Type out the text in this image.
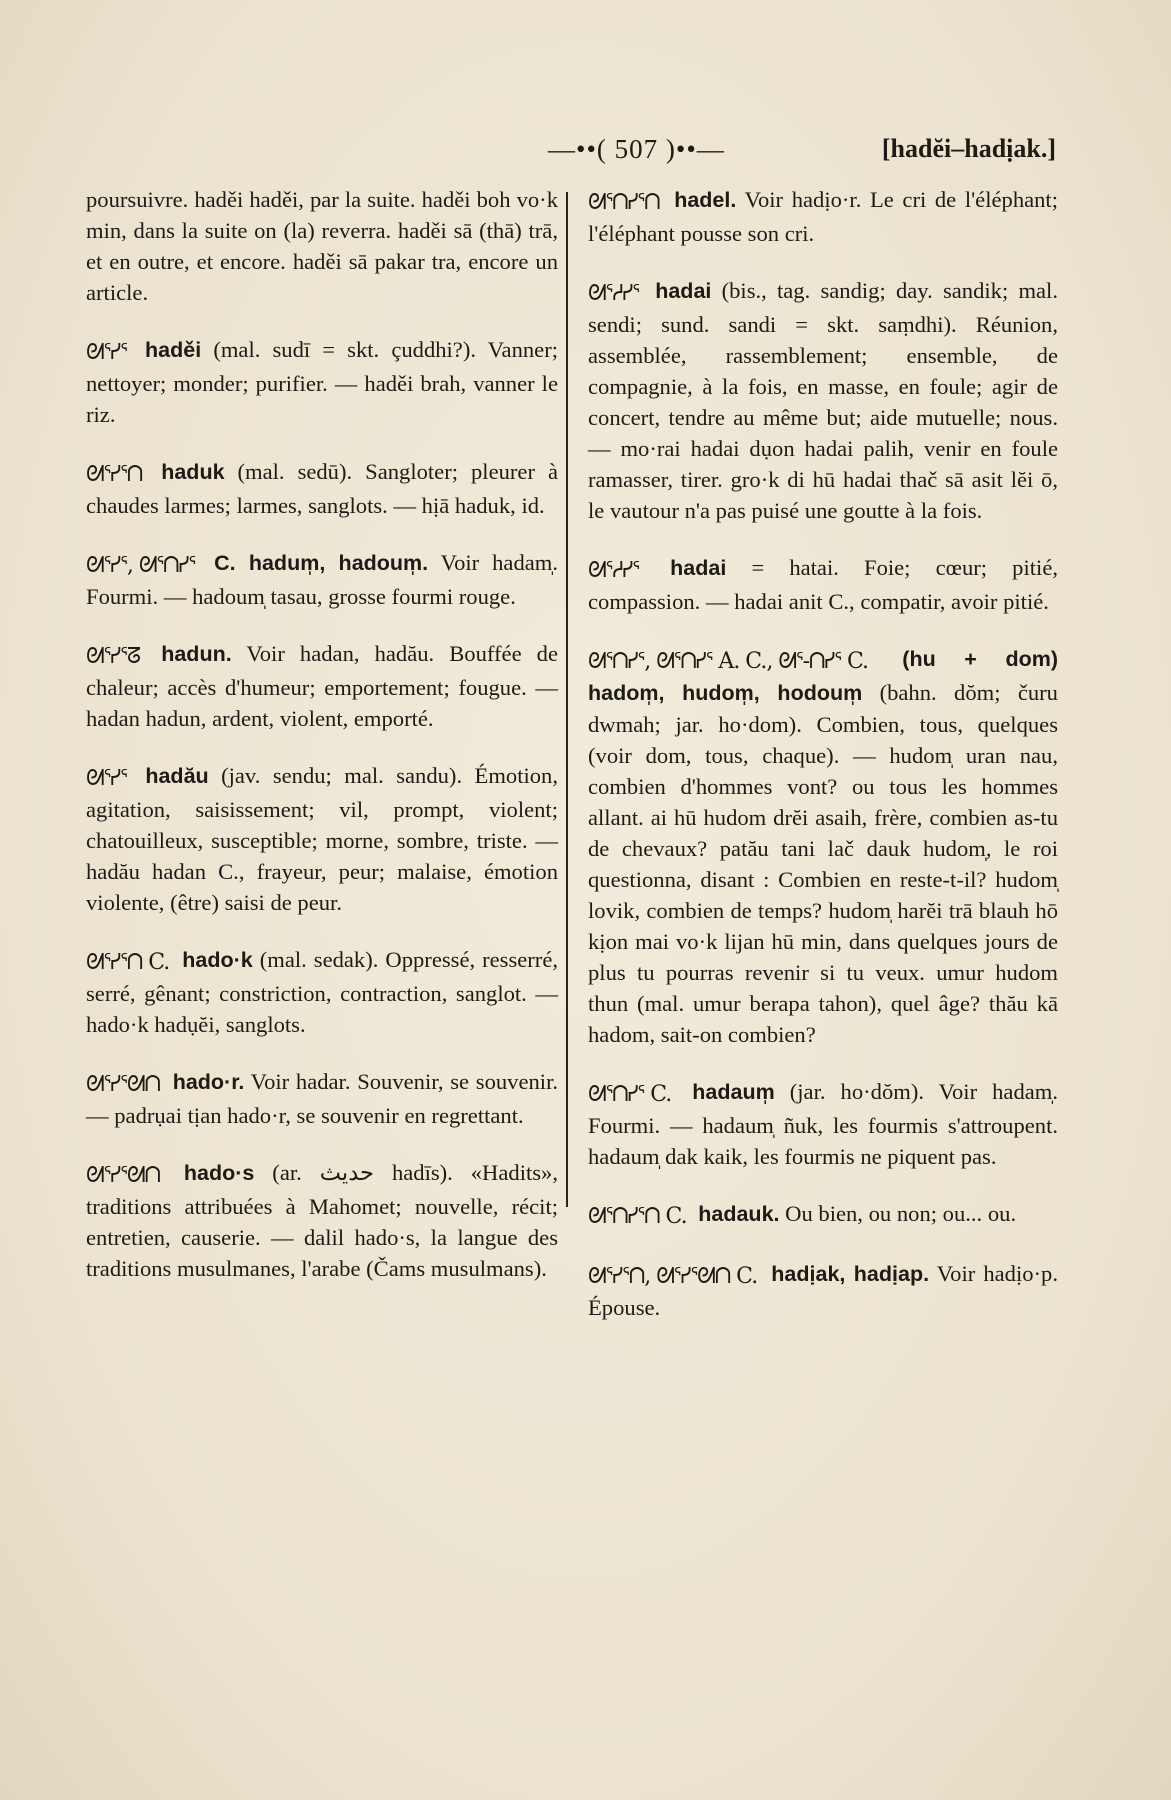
—••( 507 )••—	[hadĕi–hadịak.]

poursuivre. haděi haděi, par la suite. haděi boh vo·k min, dans la suite on (la) reverra. haděi sā (thā) trā, et en outre, et encore. haděi sā pakar tra, encore un article.

ᘛᕐᓯᕐ haděi (mal. sudī = skt. çuddhi?). Vanner; nettoyer; monder; purifier. — haděi brah, vanner le riz.

ᘛᕐᓯᕐᑎ haduk (mal. sedū). Sangloter; pleurer à chaudes larmes; larmes, sanglots. — hịā haduk, id.

ᘛᕐᓯᕐ, ᘛᕐᑎᓯᕐ C. hadum̩, hadoum̩. Voir hadam̩. Fourmi. — hadoum̩ tasau, grosse fourmi rouge.

ᘛᕐᓯᕐᘔ hadun. Voir hadan, hadău. Bouffée de chaleur; accès d'humeur; emportement; fougue. — hadan hadun, ardent, violent, emporté.

ᘛᕐᓯᕐ hadău (jav. sendu; mal. sandu). Émotion, agitation, saisissement; vil, prompt, violent; chatouilleux, susceptible; morne, sombre, triste. — hadău hadan C., frayeur, peur; malaise, émotion violente, (être) saisi de peur.

ᘛᕐᓯᕐᑎ C. hado·k (mal. sedak). Oppressé, resserré, serré, gênant; constriction, contraction, sanglot. — hado·k hadụĕi, sanglots.

ᘛᕐᓯᕐᘛᑎ hado·r. Voir hadar. Souvenir, se souvenir. — padrụai tịan hado·r, se souvenir en regrettant.

ᘛᕐᓯᕐᘛᑎ hado·s (ar. حديث hadīs). «Hadits», traditions attribuées à Mahomet; nouvelle, récit; entretien, causerie. — dalil hado·s, la langue des traditions musulmanes, l'arabe (Čams musulmans).

ᘛᕐᑎᓯᕐᑎ hadel. Voir hadịo·r. Le cri de l'éléphant; l'éléphant pousse son cri.

ᘛᕐᓱᓯᕐ hadai (bis., tag. sandig; day. sandik; mal. sendi; sund. sandi = skt. saṃdhi). Réunion, assemblée, rassemblement; ensemble, de compagnie, à la fois, en masse, en foule; agir de concert, tendre au même but; aide mutuelle; nous. — mo·rai hadai dụon hadai palih, venir en foule ramasser, tirer. gro·k di hū hadai thač sā asit lĕi ō, le vautour n'a pas puisé une goutte à la fois.

ᘛᕐᓱᓯᕐ hadai = hatai. Foie; cœur; pitié, compassion. — hadai anit C., compatir, avoir pitié.

ᘛᕐᑎᓯᕐ, ᘛᕐᑎᓯᕐ A. C., ᘛᕐ-ᑎᓯᕐ C. (hu + dom) hadom̩, hudom̩, hodoum̩ (bahn. dŏm; čuru dwmah; jar. ho·dom). Combien, tous, quelques (voir dom, tous, chaque). — hudom̩ uran nau, combien d'hommes vont? ou tous les hommes allant. ai hū hudom drĕi asaih, frère, combien as-tu de chevaux? patău tani lač dauk hudom̩, le roi questionna, disant : Combien en reste-t-il? hudom̩ lovik, combien de temps? hudom̩ harĕi trā blauh hō kịon mai vo·k lijan hū min, dans quelques jours de plus tu pourras revenir si tu veux. umur hudom thun (mal. umur berapa tahon), quel âge? thău kā hadom, sait-on combien?

ᘛᕐᑎᓯᕐ C. hadaum̩ (jar. ho·dŏm). Voir hadam̩. Fourmi. — hadaum̩ ñuk, les fourmis s'attroupent. hadaum̩ dak kaik, les fourmis ne piquent pas.

ᘛᕐᑎᓯᕐᑎ C. hadauk. Ou bien, ou non; ou... ou.

ᘛᕐᓯᕐᑎ, ᘛᕐᓯᕐᘛᑎ C. hadịak, hadịap. Voir hadịo·p. Épouse.
